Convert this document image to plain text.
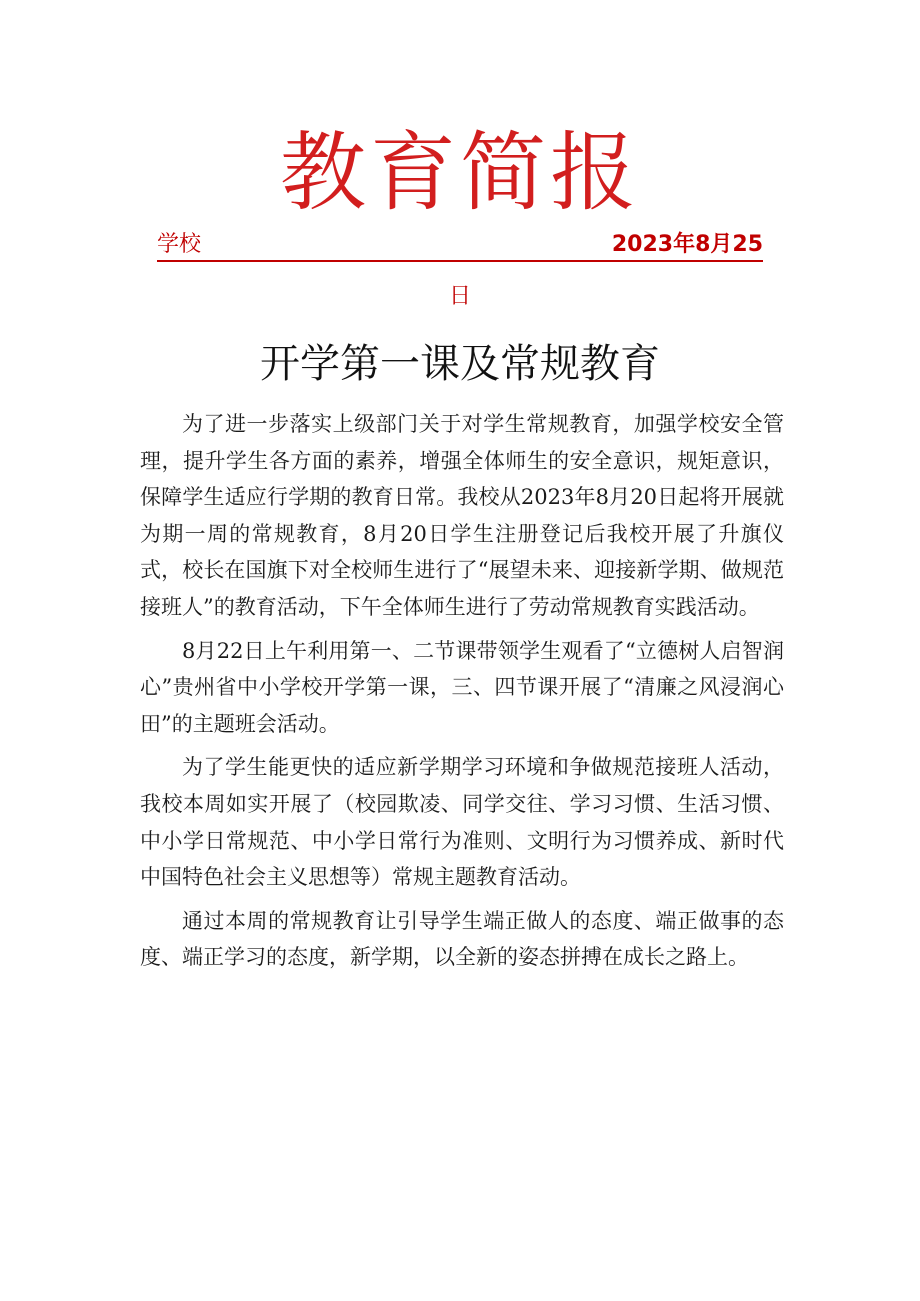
教育简报
学校	2023年8月25
日
开学第一课及常规教育

为了进一步落实上级部门关于对学生常规教育，加强学校安全管理，提升学生各方面的素养，增强全体师生的安全意识，规矩意识，保障学生适应行学期的教育日常。我校从2023年8月20日起将开展就为期一周的常规教育，8月20日学生注册登记后我校开展了升旗仪式，校长在国旗下对全校师生进行了“展望未来、迎接新学期、做规范接班人”的教育活动，下午全体师生进行了劳动常规教育实践活动。

8月22日上午利用第一、二节课带领学生观看了“立德树人启智润心”贵州省中小学校开学第一课，三、四节课开展了“清廉之风浸润心田”的主题班会活动。

为了学生能更快的适应新学期学习环境和争做规范接班人活动，我校本周如实开展了（校园欺凌、同学交往、学习习惯、生活习惯、中小学日常规范、中小学日常行为准则、文明行为习惯养成、新时代中国特色社会主义思想等）常规主题教育活动。

通过本周的常规教育让引导学生端正做人的态度、端正做事的态度、端正学习的态度，新学期，以全新的姿态拼搏在成长之路上。
